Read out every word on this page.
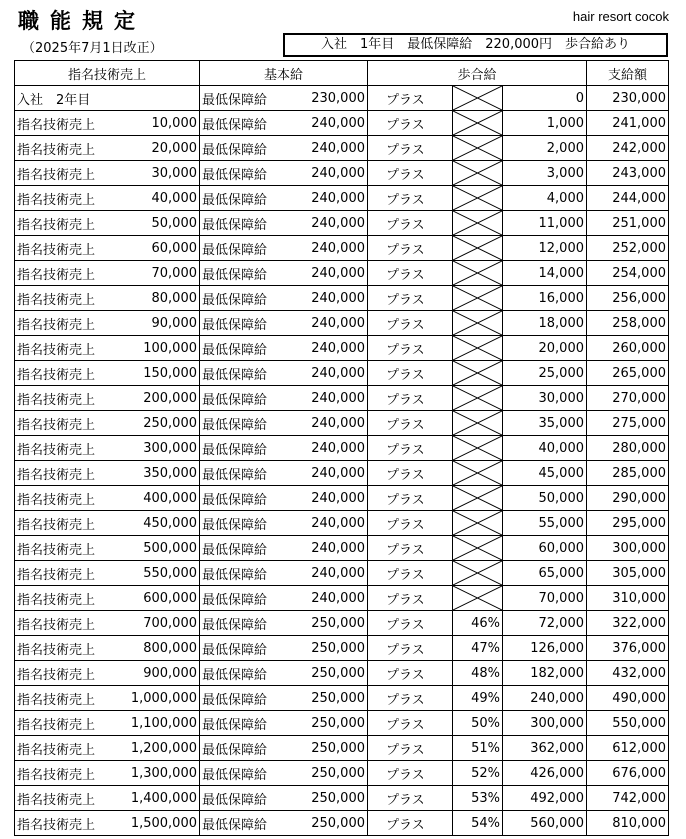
職能規定	hair resort cocok
（2025年7月1日改正）	入社　1年目　最低保障給　220,000円　歩合給あり
指名技術売上		基本給		歩合給			支給額
入社　2年目		最低保障給	230,000	プラス		0	230,000
指名技術売上	10,000	最低保障給	240,000	プラス		1,000	241,000
指名技術売上	20,000	最低保障給	240,000	プラス		2,000	242,000
指名技術売上	30,000	最低保障給	240,000	プラス		3,000	243,000
指名技術売上	40,000	最低保障給	240,000	プラス		4,000	244,000
指名技術売上	50,000	最低保障給	240,000	プラス		11,000	251,000
指名技術売上	60,000	最低保障給	240,000	プラス		12,000	252,000
指名技術売上	70,000	最低保障給	240,000	プラス		14,000	254,000
指名技術売上	80,000	最低保障給	240,000	プラス		16,000	256,000
指名技術売上	90,000	最低保障給	240,000	プラス		18,000	258,000
指名技術売上	100,000	最低保障給	240,000	プラス		20,000	260,000
指名技術売上	150,000	最低保障給	240,000	プラス		25,000	265,000
指名技術売上	200,000	最低保障給	240,000	プラス		30,000	270,000
指名技術売上	250,000	最低保障給	240,000	プラス		35,000	275,000
指名技術売上	300,000	最低保障給	240,000	プラス		40,000	280,000
指名技術売上	350,000	最低保障給	240,000	プラス		45,000	285,000
指名技術売上	400,000	最低保障給	240,000	プラス		50,000	290,000
指名技術売上	450,000	最低保障給	240,000	プラス		55,000	295,000
指名技術売上	500,000	最低保障給	240,000	プラス		60,000	300,000
指名技術売上	550,000	最低保障給	240,000	プラス		65,000	305,000
指名技術売上	600,000	最低保障給	240,000	プラス		70,000	310,000
指名技術売上	700,000	最低保障給	250,000	プラス	46%	72,000	322,000
指名技術売上	800,000	最低保障給	250,000	プラス	47%	126,000	376,000
指名技術売上	900,000	最低保障給	250,000	プラス	48%	182,000	432,000
指名技術売上	1,000,000	最低保障給	250,000	プラス	49%	240,000	490,000
指名技術売上	1,100,000	最低保障給	250,000	プラス	50%	300,000	550,000
指名技術売上	1,200,000	最低保障給	250,000	プラス	51%	362,000	612,000
指名技術売上	1,300,000	最低保障給	250,000	プラス	52%	426,000	676,000
指名技術売上	1,400,000	最低保障給	250,000	プラス	53%	492,000	742,000
指名技術売上	1,500,000	最低保障給	250,000	プラス	54%	560,000	810,000
